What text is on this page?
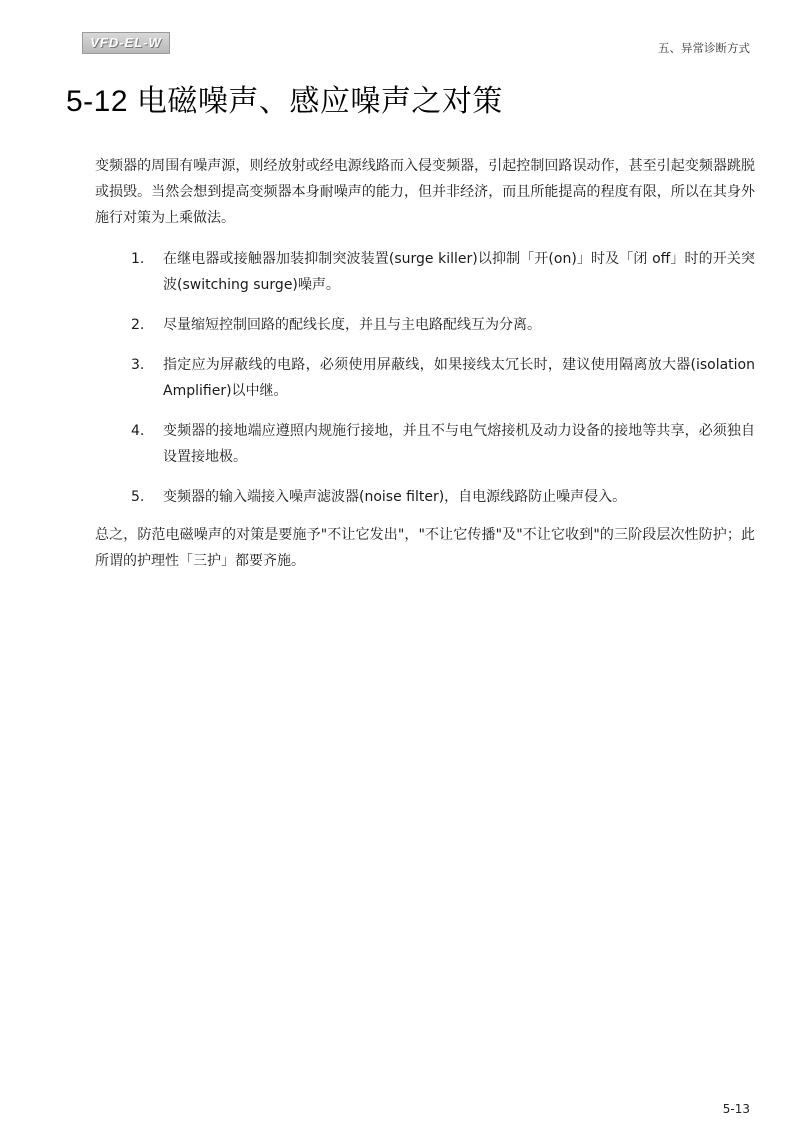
VFD-EL-W	五、异常诊断方式
5-12 电磁噪声、感应噪声之对策

变频器的周围有噪声源，则经放射或经电源线路而入侵变频器，引起控制回路误动作，甚至引起变频器跳脱或损毁。当然会想到提高变频器本身耐噪声的能力，但并非经济，而且所能提高的程度有限，所以在其身外施行对策为上乘做法。

1. 在继电器或接触器加装抑制突波装置(surge killer)以抑制「开(on)」时及「闭 off」时的开关突波(switching surge)噪声。
2. 尽量缩短控制回路的配线长度，并且与主电路配线互为分离。
3. 指定应为屏蔽线的电路，必须使用屏蔽线，如果接线太冗长时，建议使用隔离放大器(isolation Amplifier)以中继。
4. 变频器的接地端应遵照内规施行接地，并且不与电气熔接机及动力设备的接地等共享，必须独自设置接地极。
5. 变频器的输入端接入噪声滤波器(noise filter)，自电源线路防止噪声侵入。

总之，防范电磁噪声的对策是要施予"不让它发出"，"不让它传播"及"不让它收到"的三阶段层次性防护；此所谓的护理性「三护」都要齐施。

5-13
